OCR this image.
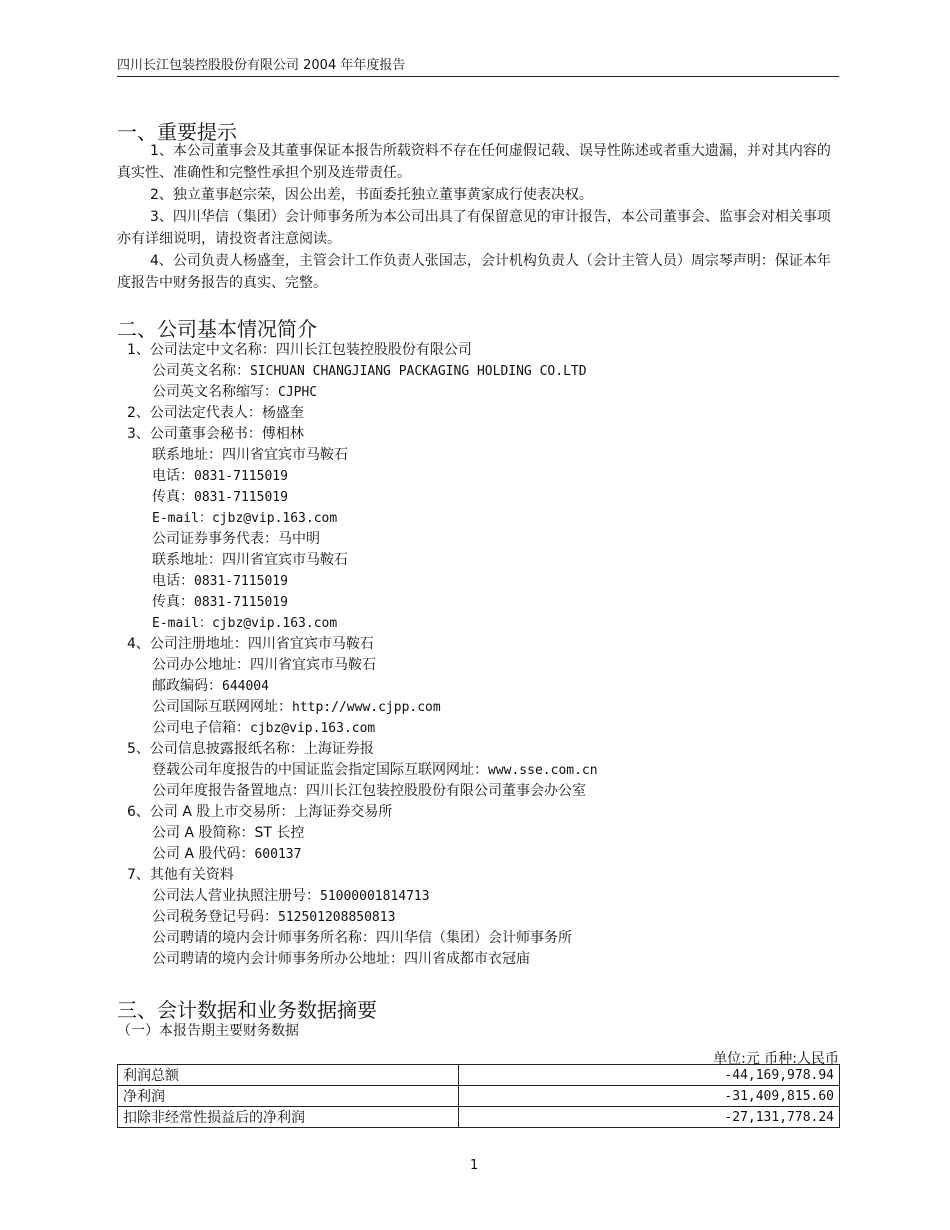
四川长江包装控股股份有限公司 2004 年年度报告
一、重要提示
1、本公司董事会及其董事保证本报告所载资料不存在任何虚假记载、误导性陈述或者重大遗漏，并对其内容的真实性、准确性和完整性承担个别及连带责任。
2、独立董事赵宗荣，因公出差，书面委托独立董事黄家成行使表决权。
3、四川华信（集团）会计师事务所为本公司出具了有保留意见的审计报告，本公司董事会、监事会对相关事项亦有详细说明，请投资者注意阅读。
4、公司负责人杨盛奎，主管会计工作负责人张国志，会计机构负责人（会计主管人员）周宗琴声明：保证本年度报告中财务报告的真实、完整。
二、公司基本情况简介
1、公司法定中文名称：四川长江包装控股股份有限公司
公司英文名称：SICHUAN CHANGJIANG PACKAGING HOLDING CO.LTD
公司英文名称缩写：CJPHC
2、公司法定代表人：杨盛奎
3、公司董事会秘书：傅相林
联系地址：四川省宜宾市马鞍石
电话：0831-7115019
传真：0831-7115019
E-mail：cjbz@vip.163.com
公司证券事务代表：马中明
联系地址：四川省宜宾市马鞍石
电话：0831-7115019
传真：0831-7115019
E-mail：cjbz@vip.163.com
4、公司注册地址：四川省宜宾市马鞍石
公司办公地址：四川省宜宾市马鞍石
邮政编码：644004
公司国际互联网网址：http://www.cjpp.com
公司电子信箱：cjbz@vip.163.com
5、公司信息披露报纸名称：上海证券报
登载公司年度报告的中国证监会指定国际互联网网址：www.sse.com.cn
公司年度报告备置地点：四川长江包装控股股份有限公司董事会办公室
6、公司 A 股上市交易所：上海证券交易所
公司 A 股简称：ST 长控
公司 A 股代码：600137
7、其他有关资料
公司法人营业执照注册号：51000001814713
公司税务登记号码：512501208850813
公司聘请的境内会计师事务所名称：四川华信（集团）会计师事务所
公司聘请的境内会计师事务所办公地址：四川省成都市衣冠庙
三、会计数据和业务数据摘要
（一）本报告期主要财务数据
单位:元 币种:人民币
利润总额	-44,169,978.94
净利润	-31,409,815.60
扣除非经常性损益后的净利润	-27,131,778.24
1
